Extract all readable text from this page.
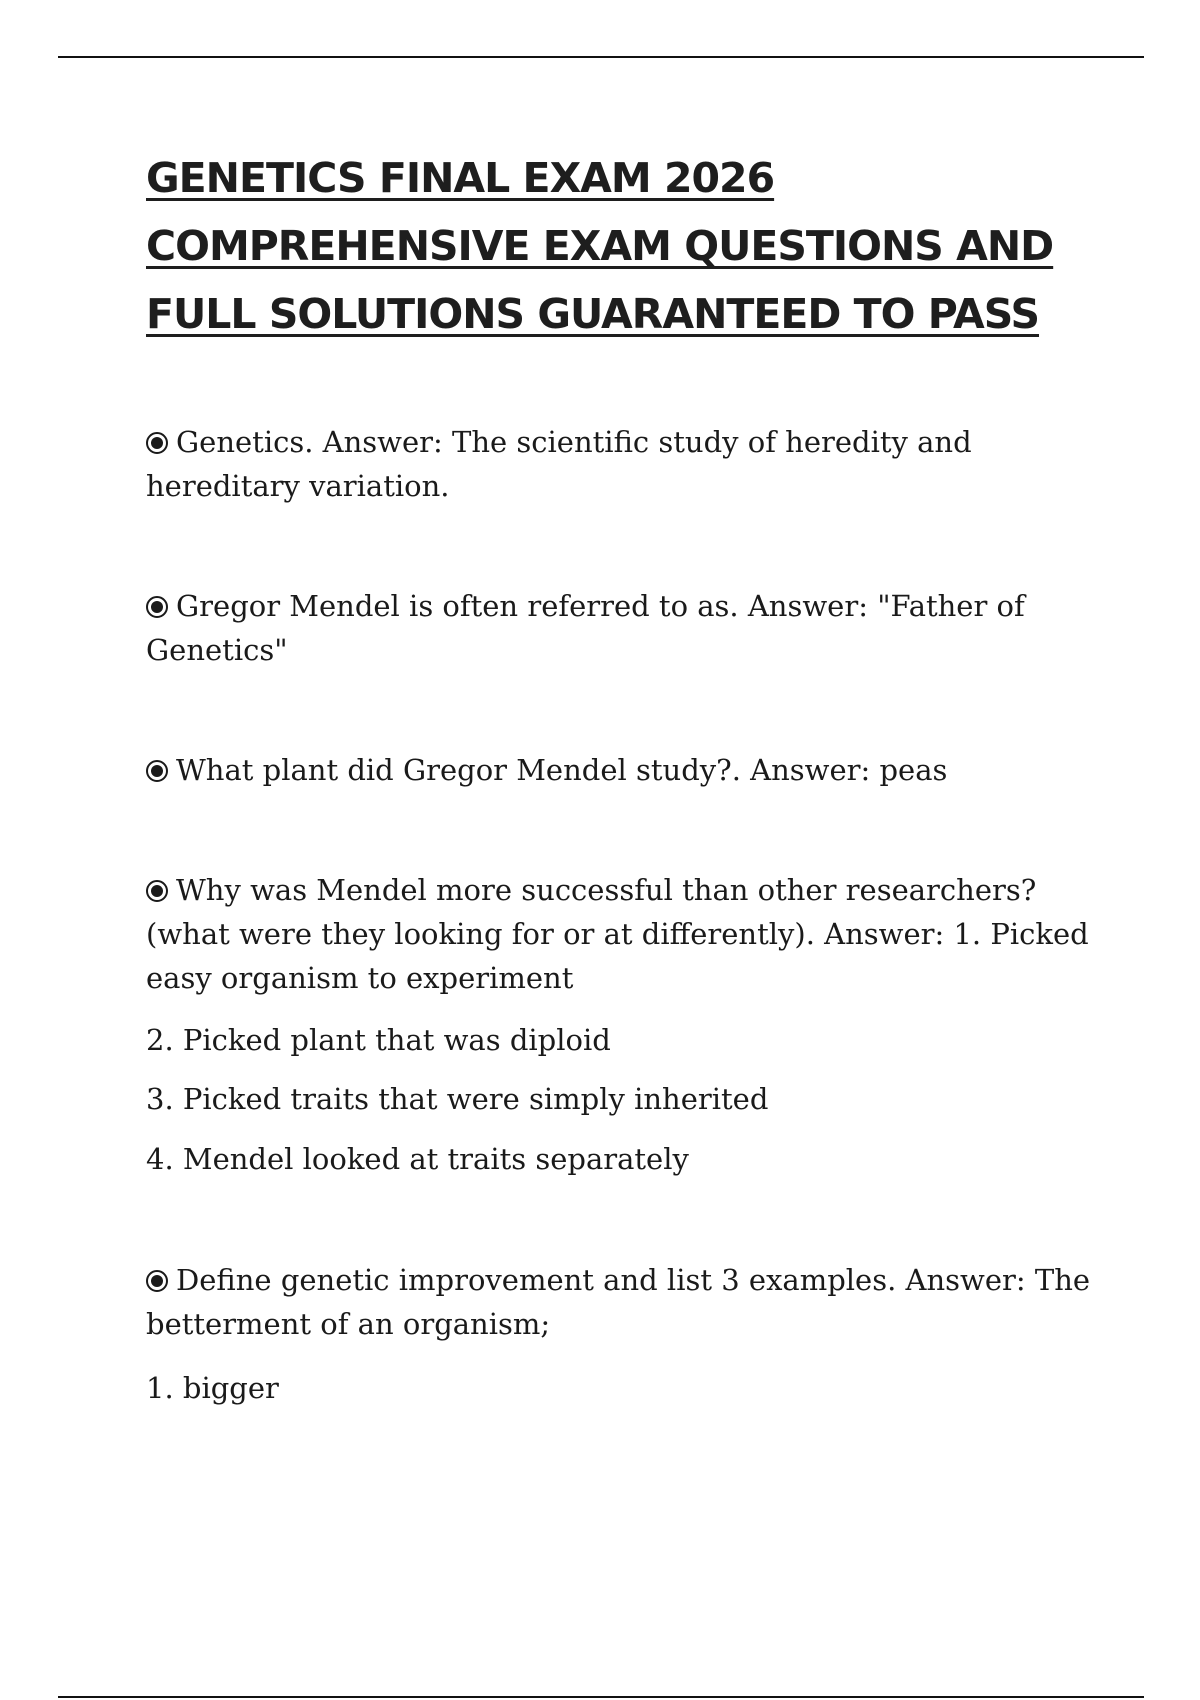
GENETICS FINAL EXAM 2026
COMPREHENSIVE EXAM QUESTIONS AND
FULL SOLUTIONS GUARANTEED TO PASS

Genetics. Answer: The scientific study of heredity and hereditary variation.

Gregor Mendel is often referred to as. Answer: "Father of Genetics"

What plant did Gregor Mendel study?. Answer: peas

Why was Mendel more successful than other researchers? (what were they looking for or at differently). Answer: 1. Picked easy organism to experiment

2. Picked plant that was diploid

3. Picked traits that were simply inherited

4. Mendel looked at traits separately

Define genetic improvement and list 3 examples. Answer: The betterment of an organism;

1. bigger
